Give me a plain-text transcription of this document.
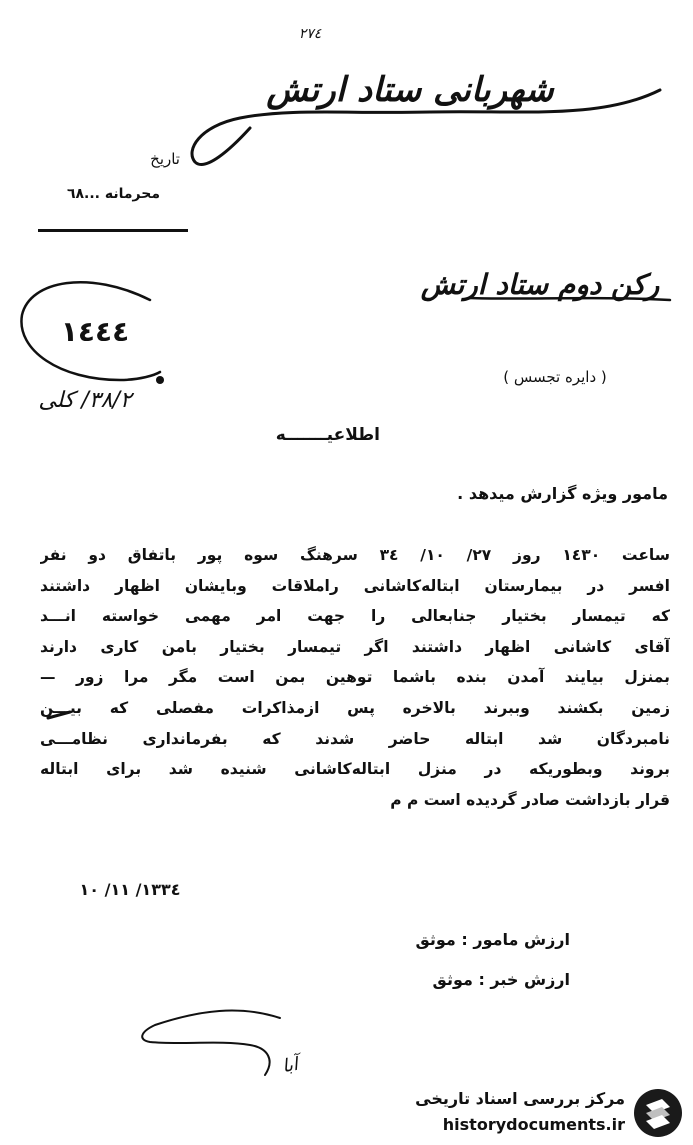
٢٧٤
شهربانی ستاد ارتش
تاریخ
محرمانه ...٦٨
رکن دوم ستاد ارتش
( دایره تجسس )
١٤٤٤
٣٨/٢/ کلی
اطلاعیـــــــه
مامور ویژه گزارش میدهد .
ساعت ١٤٣٠ روز ٢٧/ ١٠/ ٣٤ سرهنگ سوه پور باتفاق دو نفر
افسر در بیمارستان ابتاله‌کاشانی راملاقات وبایشان اظهار داشتند
که تیمسار بختیار جنابعالی را جهت امر مهمی خواسته انـــد
آقای کاشانی اظهار داشتند اگر تیمسار بختیار بامن کاری دارند
بمنزل بیایند آمدن بنده باشما توهین بمن است مگر مرا زور —
زمین بکشند وببرند بالاخره پس ازمذاکرات مفصلی که بیـــن
نامبردگان شد ابتاله حاضر شدند که بفرمانداری نظامـــی
بروند وبطوریکه در منزل ابتاله‌کاشانی شنیده شد برای ابتاله
قرار بازداشت صادر گردیده است م م
١٣٣٤/ ١١/ ١٠
ارزش مامور : موثق
ارزش خبر : موثق
آبا
مرکز بررسی اسناد تاریخی
historydocuments.ir
